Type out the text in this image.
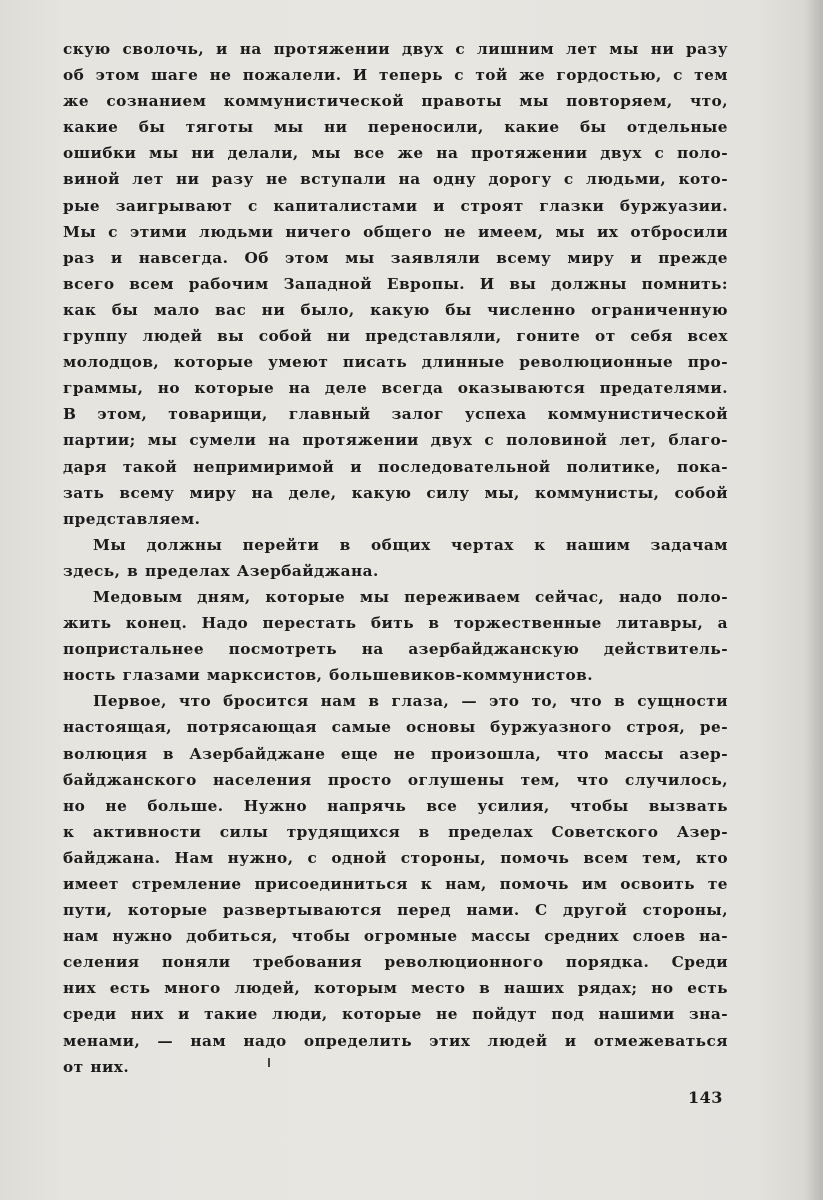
скую сволочь, и на протяжении двух с лишним лет мы ни разу
об этом шаге не пожалели. И теперь с той же гордостью, с тем
же сознанием коммунистической правоты мы повторяем, что,
какие бы тяготы мы ни переносили, какие бы отдельные
ошибки мы ни делали, мы все же на протяжении двух с поло-
виной лет ни разу не вступали на одну дорогу с людьми, кото-
рые заигрывают с капиталистами и строят глазки буржуазии.
Мы с этими людьми ничего общего не имеем, мы их отбросили
раз и навсегда. Об этом мы заявляли всему миру и прежде
всего всем рабочим Западной Европы. И вы должны помнить:
как бы мало вас ни было, какую бы численно ограниченную
группу людей вы собой ни представляли, гоните от себя всех
молодцов, которые умеют писать длинные революционные про-
граммы, но которые на деле всегда оказываются предателями.
В этом, товарищи, главный залог успеха коммунистической
партии; мы сумели на протяжении двух с половиной лет, благо-
даря такой непримиримой и последовательной политике, пока-
зать всему миру на деле, какую силу мы, коммунисты, собой
представляем.
Мы должны перейти в общих чертах к нашим задачам
здесь, в пределах Азербайджана.
Медовым дням, которые мы переживаем сейчас, надо поло-
жить конец. Надо перестать бить в торжественные литавры, а
попристальнее посмотреть на азербайджанскую действитель-
ность глазами марксистов, большевиков-коммунистов.
Первое, что бросится нам в глаза, — это то, что в сущности
настоящая, потрясающая самые основы буржуазного строя, ре-
волюция в Азербайджане еще не произошла, что массы азер-
байджанского населения просто оглушены тем, что случилось,
но не больше. Нужно напрячь все усилия, чтобы вызвать
к активности силы трудящихся в пределах Советского Азер-
байджана. Нам нужно, с одной стороны, помочь всем тем, кто
имеет стремление присоединиться к нам, помочь им освоить те
пути, которые развертываются перед нами. С другой стороны,
нам нужно добиться, чтобы огромные массы средних слоев на-
селения поняли требования революционного порядка. Среди
них есть много людей, которым место в наших рядах; но есть
среди них и такие люди, которые не пойдут под нашими зна-
менами, — нам надо определить этих людей и отмежеваться
от них.
143
